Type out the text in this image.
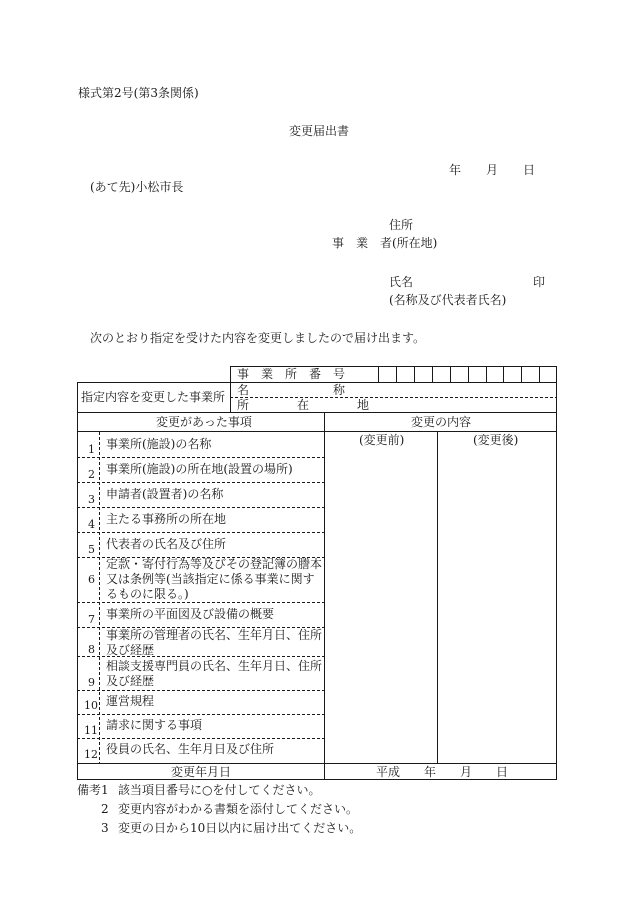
様式第2号(第3条関係)
変更届出書
年 月 日
(あて先)小松市長
住所
事　業　者(所在地)
氏名	印
(名称及び代表者氏名)
次のとおり指定を受けた内容を変更しましたので届け出ます。
事　業　所　番　号
指定内容を変更した事業所 名　　　　　　　称
所　　　　在　　　　地
変更があった事項	変更の内容
(変更前)	(変更後)
1 事業所(施設)の名称
2 事業所(施設)の所在地(設置の場所)
3 申請者(設置者)の名称
4 主たる事務所の所在地
5 代表者の氏名及び住所
6
定款・寄付行為等及びその登記簿の謄本
又は条例等(当該指定に係る事業に関す
るものに限る。)
7 事業所の平面図及び設備の概要
8
事業所の管理者の氏名、生年月日、住所
及び経歴
9
相談支援専門員の氏名、生年月日、住所
及び経歴
10 運営規程
11 請求に関する事項
12 役員の氏名、生年月日及び住所
変更年月日	平成　　年　　月　　日
備考1 該当項目番号に○を付してください。
2 変更内容がわかる書類を添付してください。
3 変更の日から10日以内に届け出てください。
